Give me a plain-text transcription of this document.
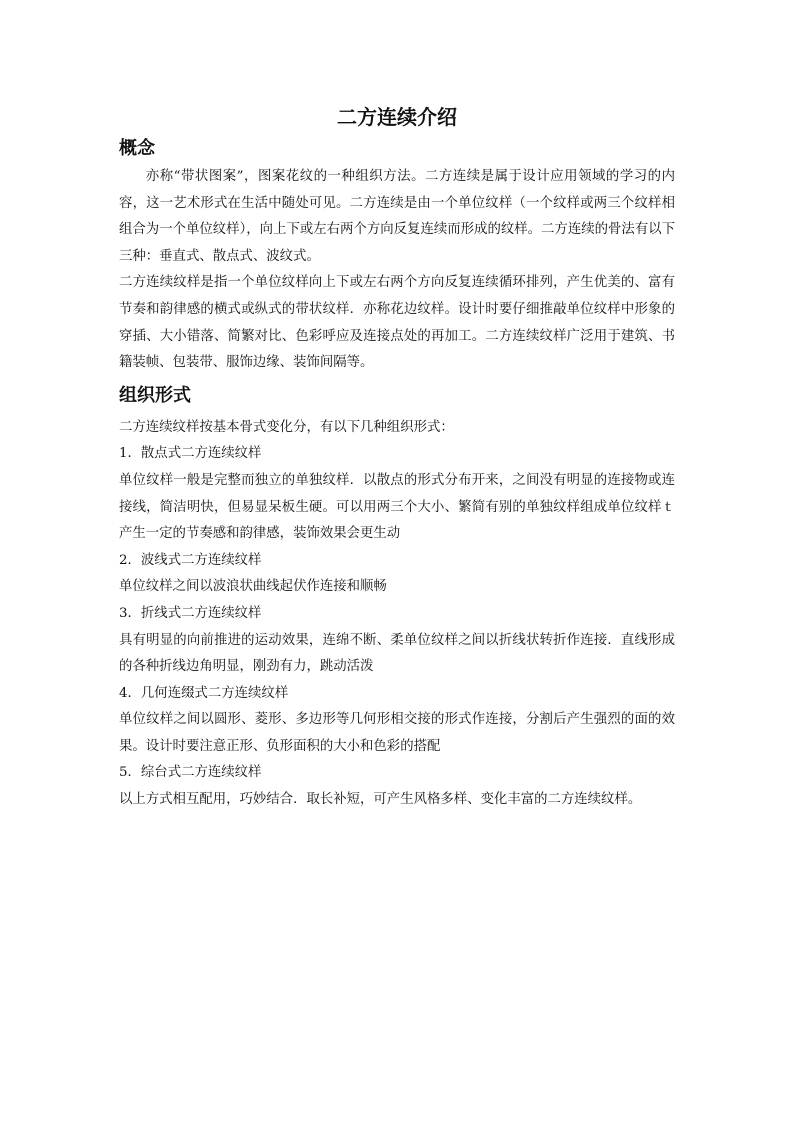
二方连续介绍
概念

亦称“带状图案”，图案花纹的一种组织方法。二方连续是属于设计应用领域的学习的内容，这一艺术形式在生活中随处可见。二方连续是由一个单位纹样（一个纹样或两三个纹样相组合为一个单位纹样），向上下或左右两个方向反复连续而形成的纹样。二方连续的骨法有以下三种：垂直式、散点式、波纹式。

二方连续纹样是指一个单位纹样向上下或左右两个方向反复连续循环排列，产生优美的、富有节奏和韵律感的横式或纵式的带状纹样．亦称花边纹样。设计时要仔细推敲单位纹样中形象的穿插、大小错落、简繁对比、色彩呼应及连接点处的再加工。二方连续纹样广泛用于建筑、书籍装帧、包装带、服饰边缘、装饰间隔等。

组织形式

二方连续纹样按基本骨式变化分，有以下几种组织形式：

1．散点式二方连续纹样

单位纹样一般是完整而独立的单独纹样．以散点的形式分布开来，之间没有明显的连接物或连接线，简洁明快，但易显呆板生硬。可以用两三个大小、繁简有别的单独纹样组成单位纹样ｔ产生一定的节奏感和韵律感，装饰效果会更生动

2．波线式二方连续纹样

单位纹样之间以波浪状曲线起伏作连接和顺畅

3．折线式二方连续纹样

具有明显的向前推进的运动效果，连绵不断、柔单位纹样之间以折线状转折作连接．直线形成的各种折线边角明显，刚劲有力，跳动活泼

4．几何连缀式二方连续纹样

单位纹样之间以圆形、菱形、多边形等几何形相交接的形式作连接，分割后产生强烈的面的效果。设计时要注意正形、负形面积的大小和色彩的搭配

5．综台式二方连续纹样

以上方式相互配用，巧妙结合．取长补短，可产生风格多样、变化丰富的二方连续纹样。
